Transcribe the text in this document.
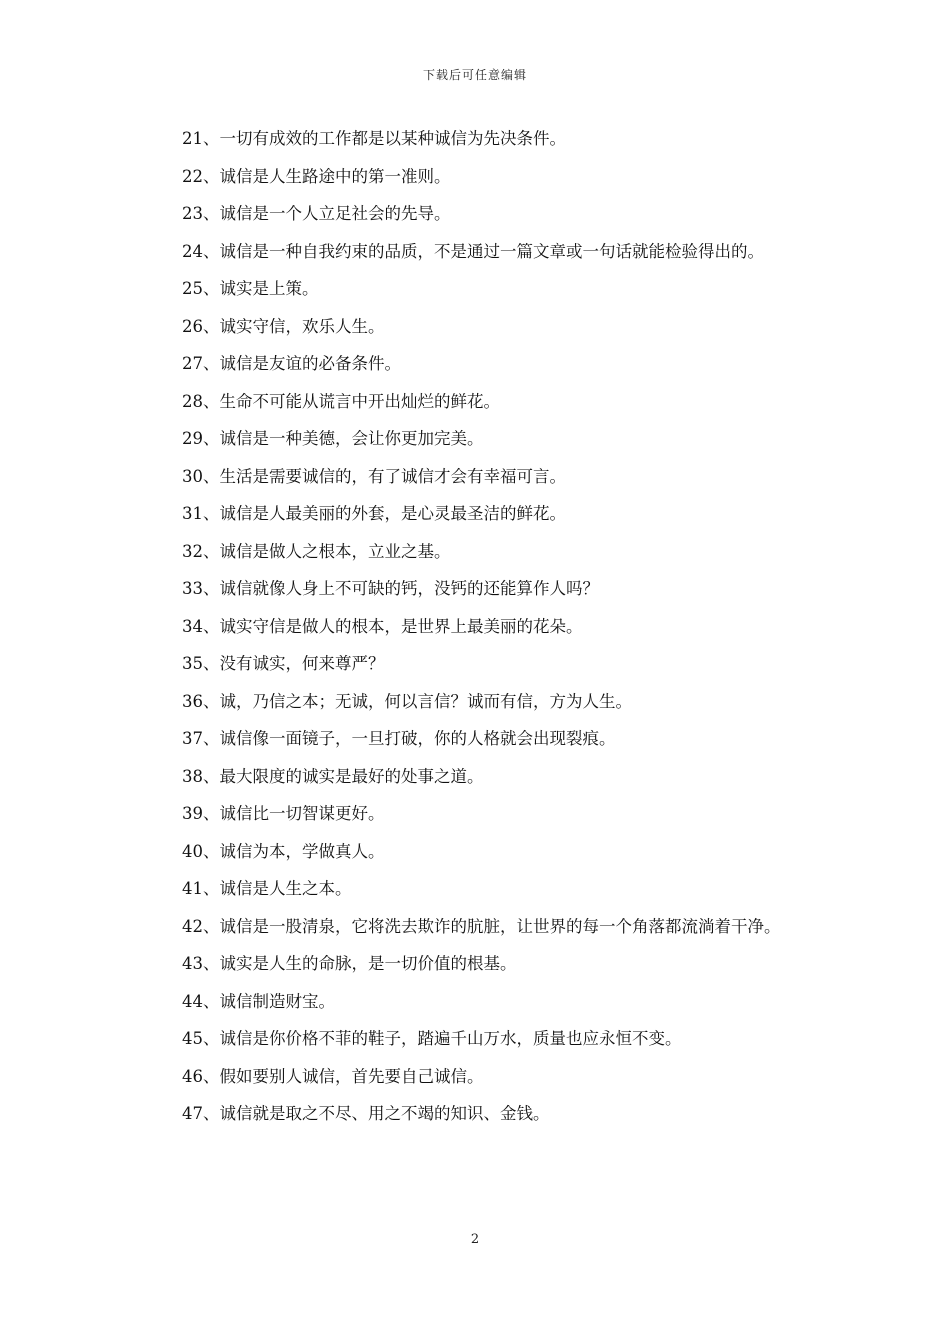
下载后可任意编辑

21、一切有成效的工作都是以某种诚信为先决条件。

22、诚信是人生路途中的第一准则。

23、诚信是一个人立足社会的先导。

24、诚信是一种自我约束的品质，不是通过一篇文章或一句话就能检验得出的。

25、诚实是上策。

26、诚实守信，欢乐人生。

27、诚信是友谊的必备条件。

28、生命不可能从谎言中开出灿烂的鲜花。

29、诚信是一种美德，会让你更加完美。

30、生活是需要诚信的，有了诚信才会有幸福可言。

31、诚信是人最美丽的外套，是心灵最圣洁的鲜花。

32、诚信是做人之根本，立业之基。

33、诚信就像人身上不可缺的钙，没钙的还能算作人吗？

34、诚实守信是做人的根本，是世界上最美丽的花朵。

35、没有诚实，何来尊严？

36、诚，乃信之本；无诚，何以言信？诚而有信，方为人生。

37、诚信像一面镜子，一旦打破，你的人格就会出现裂痕。

38、最大限度的诚实是最好的处事之道。

39、诚信比一切智谋更好。

40、诚信为本，学做真人。

41、诚信是人生之本。

42、诚信是一股清泉，它将洗去欺诈的肮脏，让世界的每一个角落都流淌着干净。

43、诚实是人生的命脉，是一切价值的根基。

44、诚信制造财宝。

45、诚信是你价格不菲的鞋子，踏遍千山万水，质量也应永恒不变。

46、假如要别人诚信，首先要自己诚信。

47、诚信就是取之不尽、用之不竭的知识、金钱。

2
